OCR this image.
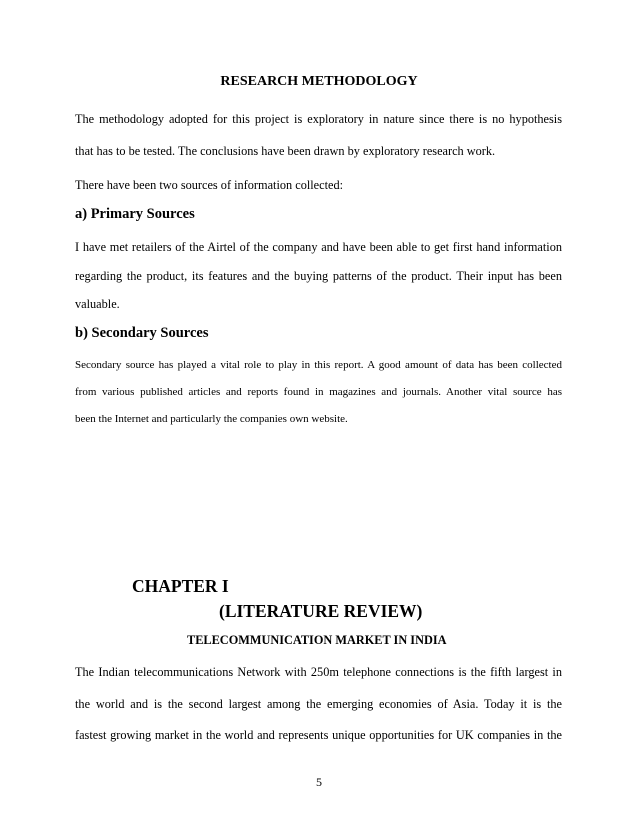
RESEARCH METHODOLOGY
The methodology adopted for this project is exploratory in nature since there is no hypothesis
that has to be tested. The conclusions have been drawn by exploratory research work.
There have been two sources of information collected:
a) Primary Sources
I have met retailers of the Airtel of the company and have been able to get first hand information
regarding the product, its features and the buying patterns of the product. Their input has been
valuable.
b) Secondary Sources
Secondary source has played a vital role to play in this report. A good amount of data has been collected
from various published articles and reports found in magazines and journals. Another vital source has
been the Internet and particularly the companies own website.
CHAPTER I
(LITERATURE REVIEW)
TELECOMMUNICATION MARKET IN INDIA
The Indian telecommunications Network with 250m telephone connections is the fifth largest in
the world and is the second largest among the emerging economies of Asia. Today it is the
fastest growing market in the world and represents unique opportunities for UK companies in the
5
